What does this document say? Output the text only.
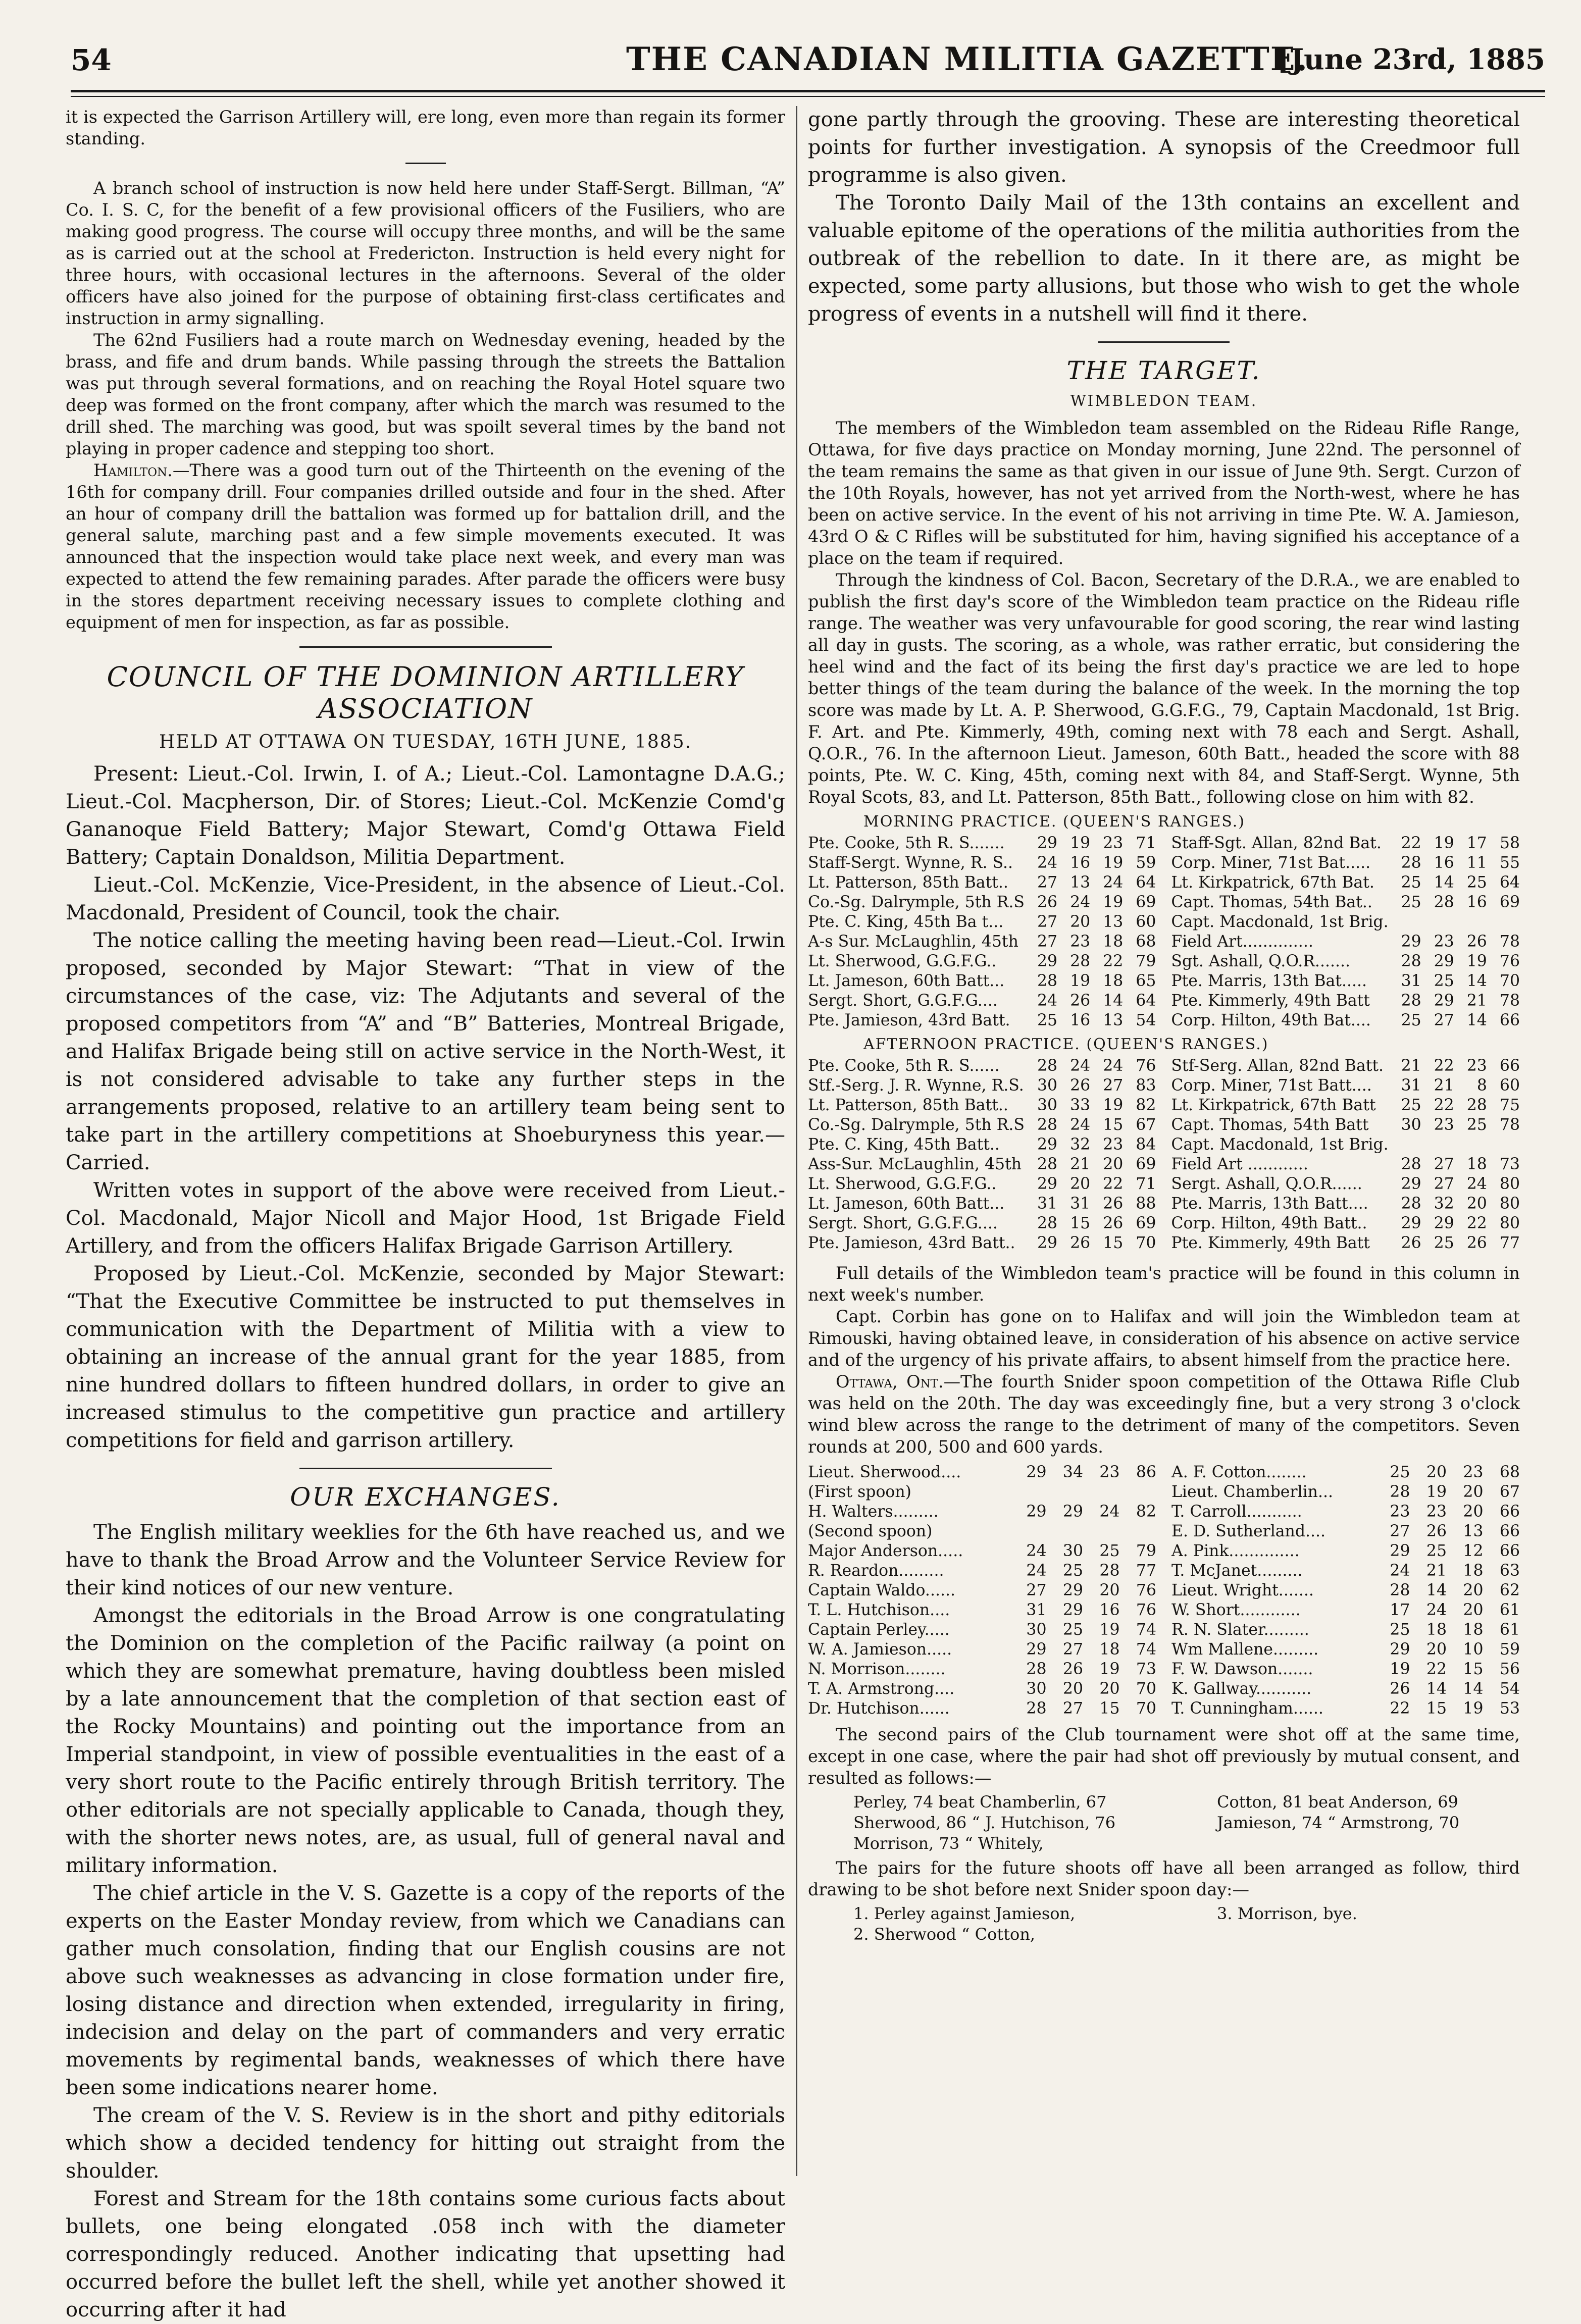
54	THE CANADIAN MILITIA GAZETTE.
[June 23rd, 1885

it is expected the Garrison Artillery will, ere long, even more than regain its former standing.

A branch school of instruction is now held here under Staff-Sergt. Billman, “A” Co. I. S. C, for the benefit of a few provisional officers of the Fusiliers, who are making good progress. The course will occupy three months, and will be the same as is carried out at the school at Fredericton. Instruction is held every night for three hours, with occasional lectures in the afternoons. Several of the older officers have also joined for the purpose of obtaining first-class certificates and instruction in army signalling.

The 62nd Fusiliers had a route march on Wednesday evening, headed by the brass, and fife and drum bands. While passing through the streets the Battalion was put through several formations, and on reaching the Royal Hotel square two deep was formed on the front company, after which the march was resumed to the drill shed. The marching was good, but was spoilt several times by the band not playing in proper cadence and stepping too short.

Hamilton.—There was a good turn out of the Thirteenth on the evening of the 16th for company drill. Four companies drilled outside and four in the shed. After an hour of company drill the battalion was formed up for battalion drill, and the general salute, marching past and a few simple movements executed. It was announced that the inspection would take place next week, and every man was expected to attend the few remaining parades. After parade the officers were busy in the stores department receiving necessary issues to complete clothing and equipment of men for inspection, as far as possible.

COUNCIL OF THE DOMINION ARTILLERY ASSOCIATION
HELD AT OTTAWA ON TUESDAY, 16TH JUNE, 1885.

Present: Lieut.-Col. Irwin, I. of A.; Lieut.-Col. Lamontagne D.A.G.; Lieut.-Col. Macpherson, Dir. of Stores; Lieut.-Col. McKenzie Comd'g Gananoque Field Battery; Major Stewart, Comd'g Ottawa Field Battery; Captain Donaldson, Militia Department.

Lieut.-Col. McKenzie, Vice-President, in the absence of Lieut.-Col. Macdonald, President of Council, took the chair.

The notice calling the meeting having been read—Lieut.-Col. Irwin proposed, seconded by Major Stewart: “That in view of the circumstances of the case, viz: The Adjutants and several of the proposed competitors from “A” and “B” Batteries, Montreal Brigade, and Halifax Brigade being still on active service in the North-West, it is not considered advisable to take any further steps in the arrangements proposed, relative to an artillery team being sent to take part in the artillery competitions at Shoeburyness this year.—Carried.

Written votes in support of the above were received from Lieut.-Col. Macdonald, Major Nicoll and Major Hood, 1st Brigade Field Artillery, and from the officers Halifax Brigade Garrison Artillery.

Proposed by Lieut.-Col. McKenzie, seconded by Major Stewart: “That the Executive Committee be instructed to put themselves in communication with the Department of Militia with a view to obtaining an increase of the annual grant for the year 1885, from nine hundred dollars to fifteen hundred dollars, in order to give an increased stimulus to the competitive gun practice and artillery competitions for field and garrison artillery.

OUR EXCHANGES.

The English military weeklies for the 6th have reached us, and we have to thank the Broad Arrow and the Volunteer Service Review for their kind notices of our new venture.

Amongst the editorials in the Broad Arrow is one congratulating the Dominion on the completion of the Pacific railway (a point on which they are somewhat premature, having doubtless been misled by a late announcement that the completion of that section east of the Rocky Mountains) and pointing out the importance from an Imperial standpoint, in view of possible eventualities in the east of a very short route to the Pacific entirely through British territory. The other editorials are not specially applicable to Canada, though they, with the shorter news notes, are, as usual, full of general naval and military information.

The chief article in the V. S. Gazette is a copy of the reports of the experts on the Easter Monday review, from which we Canadians can gather much consolation, finding that our English cousins are not above such weaknesses as advancing in close formation under fire, losing distance and direction when extended, irregularity in firing, indecision and delay on the part of commanders and very erratic movements by regimental bands, weaknesses of which there have been some indications nearer home.

The cream of the V. S. Review is in the short and pithy editorials which show a decided tendency for hitting out straight from the shoulder.

Forest and Stream for the 18th contains some curious facts about bullets, one being elongated .058 inch with the diameter correspondingly reduced. Another indicating that upsetting had occurred before the bullet left the shell, while yet another showed it occurring after it had

gone partly through the grooving. These are interesting theoretical points for further investigation. A synopsis of the Creedmoor full programme is also given.

The Toronto Daily Mail of the 13th contains an excellent and valuable epitome of the operations of the militia authorities from the outbreak of the rebellion to date. In it there are, as might be expected, some party allusions, but those who wish to get the whole progress of events in a nutshell will find it there.

THE TARGET.
WIMBLEDON TEAM.

The members of the Wimbledon team assembled on the Rideau Rifle Range, Ottawa, for five days practice on Monday morning, June 22nd. The personnel of the team remains the same as that given in our issue of June 9th. Sergt. Curzon of the 10th Royals, however, has not yet arrived from the North-west, where he has been on active service. In the event of his not arriving in time Pte. W. A. Jamieson, 43rd O & C Rifles will be substituted for him, having signified his acceptance of a place on the team if required.

Through the kindness of Col. Bacon, Secretary of the D.R.A., we are enabled to publish the first day's score of the Wimbledon team practice on the Rideau rifle range. The weather was very unfavourable for good scoring, the rear wind lasting all day in gusts. The scoring, as a whole, was rather erratic, but considering the heel wind and the fact of its being the first day's practice we are led to hope better things of the team during the balance of the week. In the morning the top score was made by Lt. A. P. Sherwood, G.G.F.G., 79, Captain Macdonald, 1st Brig. F. Art. and Pte. Kimmerly, 49th, coming next with 78 each and Sergt. Ashall, Q.O.R., 76. In the afternoon Lieut. Jameson, 60th Batt., headed the score with 88 points, Pte. W. C. King, 45th, coming next with 84, and Staff-Sergt. Wynne, 5th Royal Scots, 83, and Lt. Patterson, 85th Batt., following close on him with 82.

MORNING PRACTICE. (QUEEN'S RANGES.)
Pte. Cooke, 5th R. S.......	29	19	23	71		Staff-Sgt. Allan, 82nd Bat.	22	19	17	58
Staff-Sergt. Wynne, R. S..	24	16	19	59		Corp. Miner, 71st Bat.....	28	16	11	55
Lt. Patterson, 85th Batt..	27	13	24	64		Lt. Kirkpatrick, 67th Bat.	25	14	25	64
Co.-Sg. Dalrymple, 5th R.S	26	24	19	69		Capt. Thomas, 54th Bat..	25	28	16	69
Pte. C. King, 45th Ba t...	27	20	13	60		Capt. Macdonald, 1st Brig.				
A-s Sur. McLaughlin, 45th	27	23	18	68		Field Art..............	29	23	26	78
Lt. Sherwood, G.G.F.G..	29	28	22	79		Sgt. Ashall, Q.O.R.......	28	29	19	76
Lt. Jameson, 60th Batt...	28	19	18	65		Pte. Marris, 13th Bat.....	31	25	14	70
Sergt. Short, G.G.F.G....	24	26	14	64		Pte. Kimmerly, 49th Batt	28	29	21	78
Pte. Jamieson, 43rd Batt.	25	16	13	54		Corp. Hilton, 49th Bat....	25	27	14	66
AFTERNOON PRACTICE. (QUEEN'S RANGES.)
Pte. Cooke, 5th R. S......	28	24	24	76		Stf-Serg. Allan, 82nd Batt.	21	22	23	66
Stf.-Serg. J. R. Wynne, R.S.	30	26	27	83		Corp. Miner, 71st Batt....	31	21	8	60
Lt. Patterson, 85th Batt..	30	33	19	82		Lt. Kirkpatrick, 67th Batt	25	22	28	75
Co.-Sg. Dalrymple, 5th R.S	28	24	15	67		Capt. Thomas, 54th Batt	30	23	25	78
Pte. C. King, 45th Batt..	29	32	23	84		Capt. Macdonald, 1st Brig.				
Ass-Sur. McLaughlin, 45th	28	21	20	69		Field Art ............	28	27	18	73
Lt. Sherwood, G.G.F.G..	29	20	22	71		Sergt. Ashall, Q.O.R......	29	27	24	80
Lt. Jameson, 60th Batt...	31	31	26	88		Pte. Marris, 13th Batt....	28	32	20	80
Sergt. Short, G.G.F.G....	28	15	26	69		Corp. Hilton, 49th Batt..	29	29	22	80
Pte. Jamieson, 43rd Batt..	29	26	15	70		Pte. Kimmerly, 49th Batt	26	25	26	77

Full details of the Wimbledon team's practice will be found in this column in next week's number.

Capt. Corbin has gone on to Halifax and will join the Wimbledon team at Rimouski, having obtained leave, in consideration of his absence on active service and of the urgency of his private affairs, to absent himself from the practice here.

Ottawa, Ont.—The fourth Snider spoon competition of the Ottawa Rifle Club was held on the 20th. The day was exceedingly fine, but a very strong 3 o'clock wind blew across the range to the detriment of many of the competitors. Seven rounds at 200, 500 and 600 yards.

Lieut. Sherwood....	29	34	23	86		A. F. Cotton........	25	20	23	68
(First spoon)						Lieut. Chamberlin...	28	19	20	67
H. Walters.........	29	29	24	82		T. Carroll...........	23	23	20	66
(Second spoon)						E. D. Sutherland....	27	26	13	66
Major Anderson.....	24	30	25	79		A. Pink..............	29	25	12	66
R. Reardon.........	24	25	28	77		T. McJanet.........	24	21	18	63
Captain Waldo......	27	29	20	76		Lieut. Wright.......	28	14	20	62
T. L. Hutchison....	31	29	16	76		W. Short............	17	24	20	61
Captain Perley.....	30	25	19	74		R. N. Slater.........	25	18	18	61
W. A. Jamieson.....	29	27	18	74		Wm Mallene.........	29	20	10	59
N. Morrison........	28	26	19	73		F. W. Dawson.......	19	22	15	56
T. A. Armstrong....	30	20	20	70		K. Gallway...........	26	14	14	54
Dr. Hutchison......	28	27	15	70		T. Cunningham......	22	15	19	53

The second pairs of the Club tournament were shot off at the same time, except in one case, where the pair had shot off previously by mutual consent, and resulted as follows:—

Perley, 74 beat Chamberlin, 67	Cotton, 81 beat Anderson, 69
Sherwood, 86 “ J. Hutchison, 76	Jamieson, 74 “ Armstrong, 70
Morrison, 73 “ Whitely,

The pairs for the future shoots off have all been arranged as follow, third drawing to be shot before next Snider spoon day:—

1. Perley against Jamieson,	3. Morrison, bye.
2. Sherwood “ Cotton,
